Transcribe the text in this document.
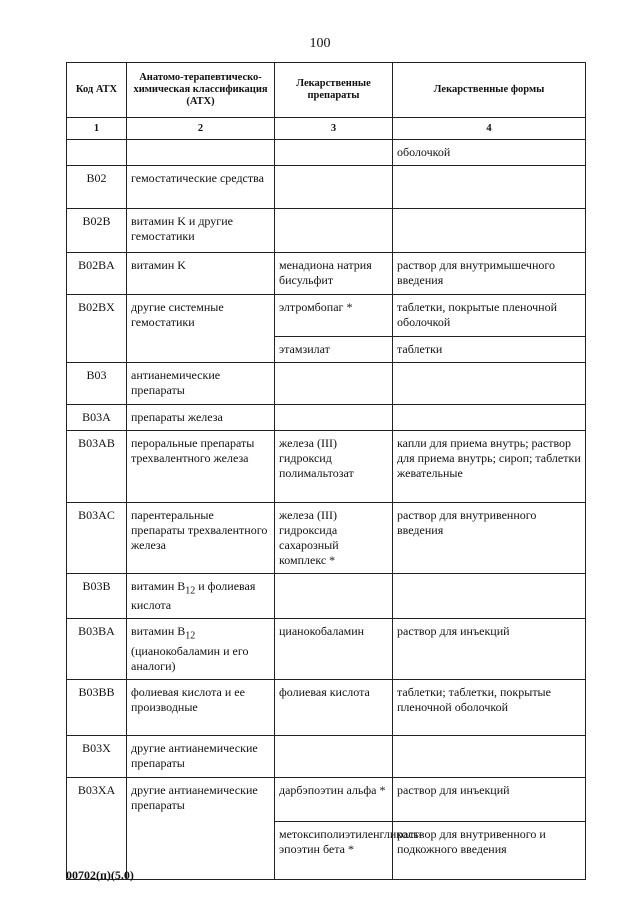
100
Код АТХ	Анатомо-терапевтическо-химическая классификация (АТХ)	Лекарственные препараты	Лекарственные формы
1	2	3	4
			оболочкой
B02	гемостатические средства		
B02B	витамин K и другие гемостатики		
B02BA	витамин K	менадиона натрия бисульфит	раствор для внутримышечного введения
B02BX	другие системные гемостатики	элтромбопаг *	таблетки, покрытые пленочной оболочкой
		этамзилат	таблетки
B03	антианемические препараты		
B03A	препараты железа		
B03AB	пероральные препараты трехвалентного железа	железа (III) гидроксид полимальтозат	капли для приема внутрь; раствор для приема внутрь; сироп; таблетки жевательные
B03AC	парентеральные препараты трехвалентного железа	железа (III) гидроксида сахарозный комплекс *	раствор для внутривенного введения
B03B	витамин $B_{12}$ и фолиевая кислота		
B03BA	витамин $B_{12}$ (цианокобаламин и его аналоги)	цианокобаламин	раствор для инъекций
B03BB	фолиевая кислота и ее производные	фолиевая кислота	таблетки; таблетки, покрытые пленочной оболочкой
B03X	другие антианемические препараты		
B03XA	другие антианемические препараты	дарбэпоэтин альфа *	раствор для инъекций
		метоксиполиэтиленгликоль-эпоэтин бета *	раствор для внутривенного и подкожного введения
00702(п)(5.0)
